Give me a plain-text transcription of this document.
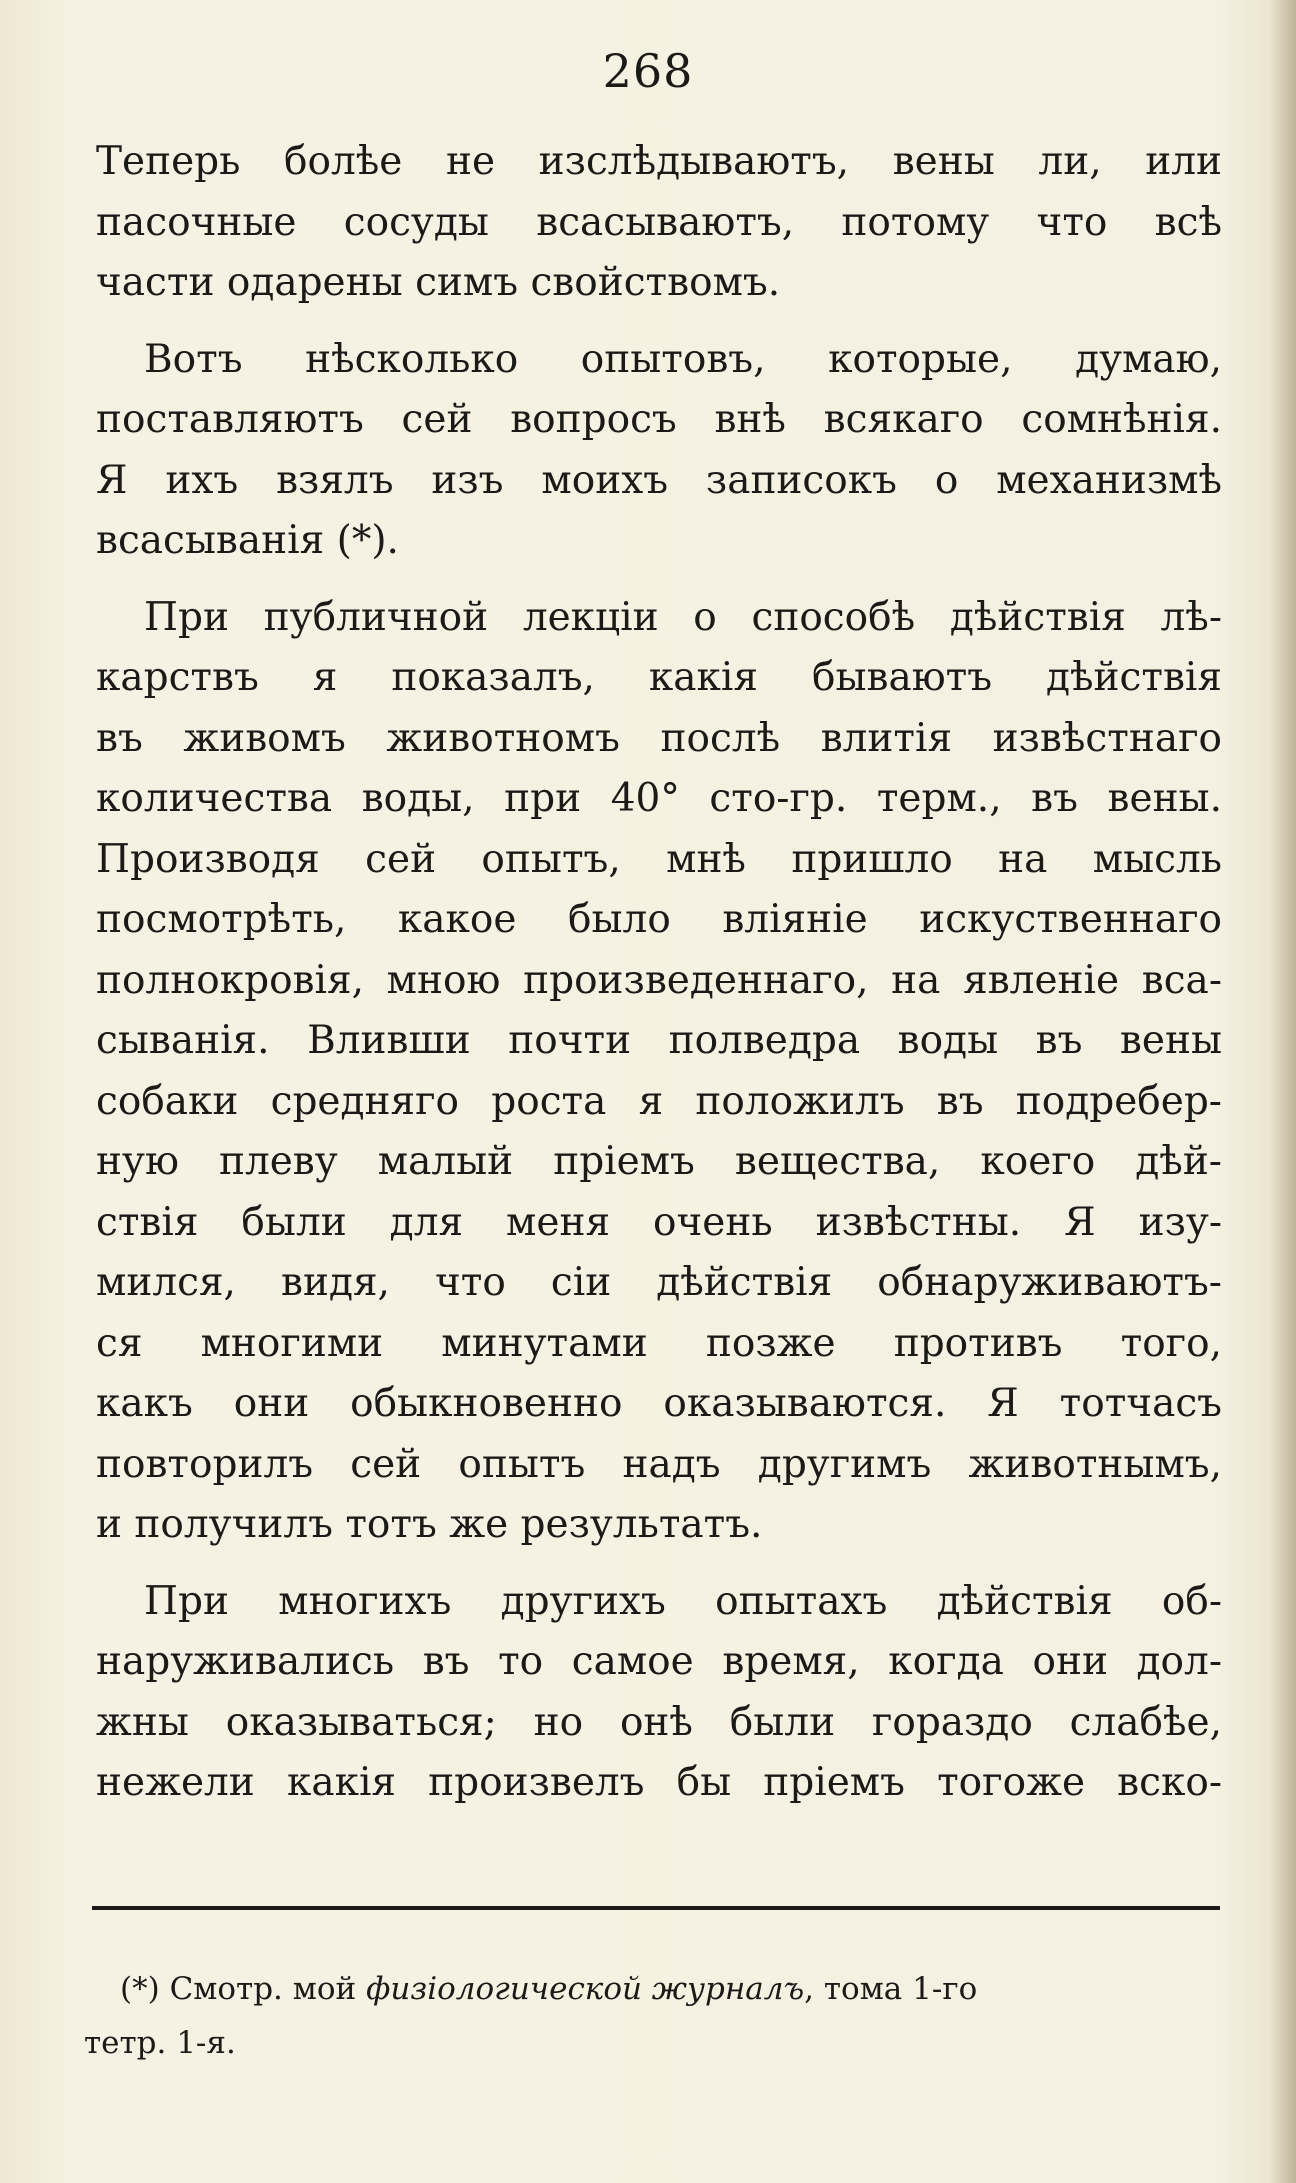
268
Теперь болѣе не изслѣдываютъ, вены ли, или
пасочные сосуды всасываютъ, потому что всѣ
части одарены симъ свойствомъ.
Вотъ нѣсколько опытовъ, которые, думаю,
поставляютъ сей вопросъ внѣ всякаго сомнѣнія.
Я ихъ взялъ изъ моихъ записокъ о механизмѣ
всасыванія (*).
При публичной лекціи о способѣ дѣйствія лѣ-
карствъ я показалъ, какія бываютъ дѣйствія
въ живомъ животномъ послѣ влитія извѣстнаго
количества воды, при 40° сто-гр. терм., въ вены.
Производя сей опытъ, мнѣ пришло на мысль
посмотрѣть, какое было вліяніе искуственнаго
полнокровія, мною произведеннаго, на явленіе вса-
сыванія. Вливши почти полведра воды въ вены
собаки средняго роста я положилъ въ подребер-
ную плеву малый пріемъ вещества, коего дѣй-
ствія были для меня очень извѣстны. Я изу-
мился, видя, что сіи дѣйствія обнаруживаютъ-
ся многими минутами позже противъ того,
какъ они обыкновенно оказываются. Я тотчасъ
повторилъ сей опытъ надъ другимъ животнымъ,
и получилъ тотъ же результатъ.
При многихъ другихъ опытахъ дѣйствія об-
наруживались въ то самое время, когда они дол-
жны оказываться; но онѣ были гораздо слабѣе,
нежели какія произвелъ бы пріемъ тогоже вско-
(*) Смотр. мой физіологической журналъ, тома 1-го
тетр. 1-я.
